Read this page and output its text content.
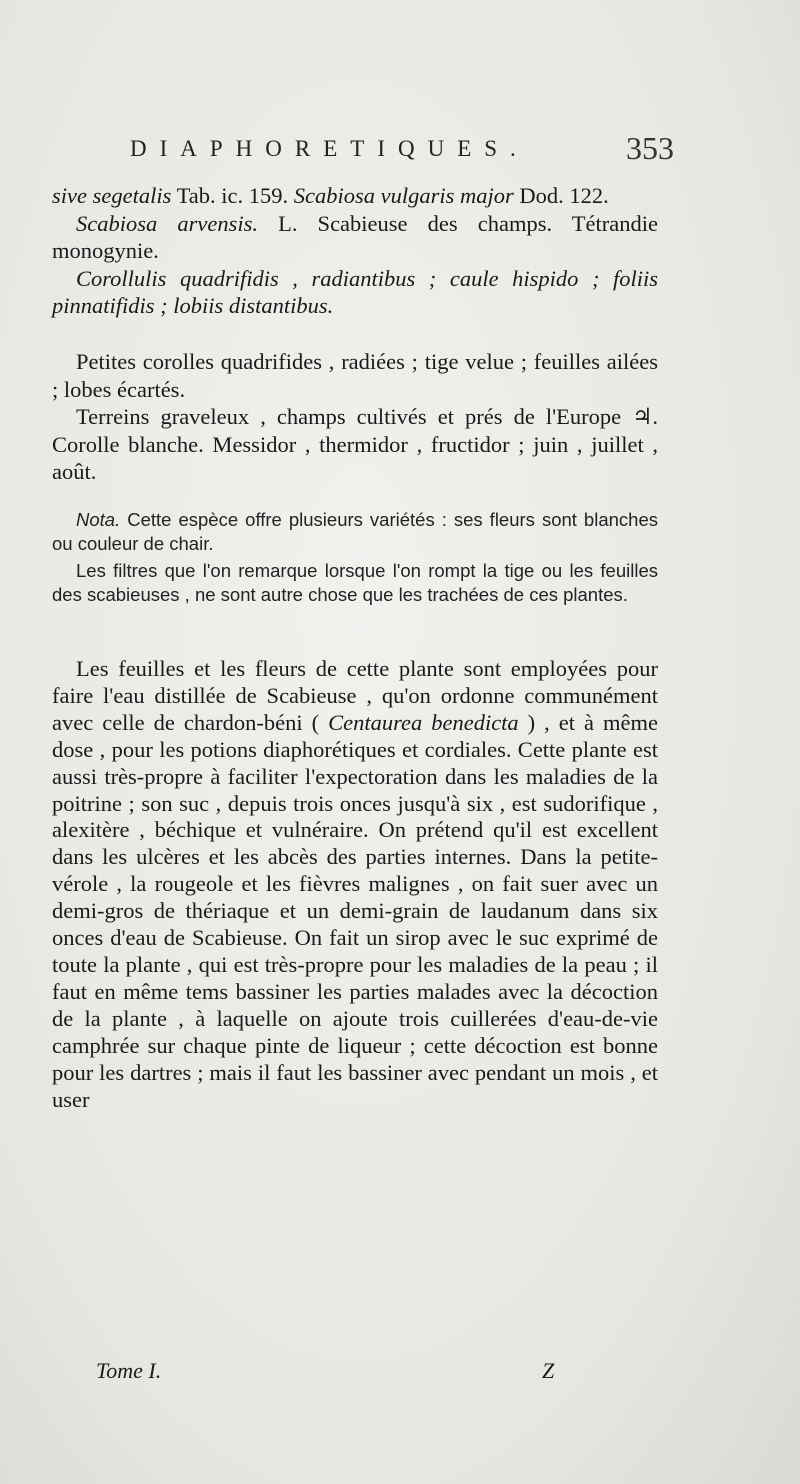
DIAPHORETIQUES.	353

sive segetalis Tab. ic. 159. Scabiosa vulgaris major Dod. 122.

Scabiosa arvensis. L. Scabieuse des champs. Tétrandie monogynie.

Corollulis quadrifidis , radiantibus ; caule hispido ; foliis pinnatifidis ; lobiis distantibus.

Petites corolles quadrifides , radiées ; tige velue ; feuilles ailées ; lobes écartés.

Terreins graveleux , champs cultivés et prés de l'Europe ♃. Corolle blanche. Messidor , thermidor , fructidor ; juin , juillet , août.

Nota. Cette espèce offre plusieurs variétés : ses fleurs sont blanches ou couleur de chair.

Les filtres que l'on remarque lorsque l'on rompt la tige ou les feuilles des scabieuses , ne sont autre chose que les trachées de ces plantes.

Les feuilles et les fleurs de cette plante sont employées pour faire l'eau distillée de Scabieuse , qu'on ordonne communément avec celle de chardon-béni ( Centaurea benedicta ) , et à même dose , pour les potions diaphorétiques et cordiales. Cette plante est aussi très-propre à faciliter l'expectoration dans les maladies de la poitrine ; son suc , depuis trois onces jusqu'à six , est sudorifique , alexitère , béchique et vulnéraire. On prétend qu'il est excellent dans les ulcères et les abcès des parties internes. Dans la petite-vérole , la rougeole et les fièvres malignes , on fait suer avec un demi-gros de thériaque et un demi-grain de laudanum dans six onces d'eau de Scabieuse. On fait un sirop avec le suc exprimé de toute la plante , qui est très-propre pour les maladies de la peau ; il faut en même tems bassiner les parties malades avec la décoction de la plante , à laquelle on ajoute trois cuillerées d'eau-de-vie camphrée sur chaque pinte de liqueur ; cette décoction est bonne pour les dartres ; mais il faut les bassiner avec pendant un mois , et user

Tome I.	Z
